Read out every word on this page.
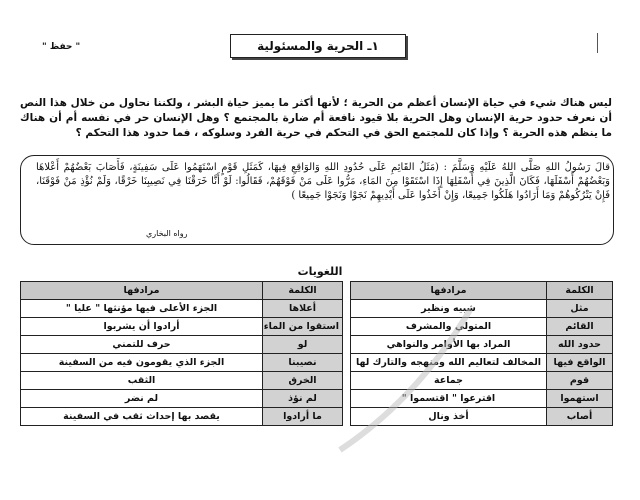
" حفظ "	١ـ الحرية والمسئولية
ليس هناك شيء في حياة الإنسان أعظم من الحرية ؛ لأنها أكثر ما يميز حياة البشر ، ولكننا نحاول من خلال هذا النص أن نعرف حدود حرية الإنسان وهل الحرية بلا قيود نافعة أم ضارة بالمجتمع ؟ وهل الإنسان حر في نفسه أم أن هناك ما ينظم هذه الحرية ؟ وإذا كان للمجتمع الحق في التحكم في حرية الفرد وسلوكه ، فما حدود هذا التحكم ؟
قالَ رَسُولُ اللهِ صَلَّى اللهُ عَلَيْهِ وَسَلَّمَ : (مَثَلُ القَائِمِ عَلَى حُدُودِ اللهِ وَالوَاقِعِ فِيهَا، كَمَثَلِ قَوْمٍ اسْتَهَمُوا عَلَى سَفِينَةٍ، فَأَصَابَ بَعْضُهُمْ أَعْلاهَا وَبَعْضُهُمْ أَسْفَلَهَا، فَكَانَ الَّذِينَ فِي أَسْفَلِهَا إِذَا اسْتَقَوْا مِنَ المَاءِ، مَرُّوا عَلَى مَنْ فَوْقَهُمْ، فَقَالُوا: لَوْ أَنَّا خَرَقْنَا فِي نَصِيبِنَا خَرْقًا، وَلَمْ نُؤْذِ مَنْ فَوْقَنَا، فَإِنْ يَتْرُكُوهُمْ وَمَا أَرَادُوا هَلَكُوا جَمِيعًا، وَإِنْ أَخَذُوا عَلَى أَيْدِيهِمْ نَجَوْا وَنَجَوْا جَمِيعًا )
رواه البخاري
اللغويات
الكلمة	مرادفها		الكلمة	مرادفها
مثل	شبيه ونظير		أعلاها	الجزء الأعلى فيها مؤنثها " عليا "
القائم	المتولي والمشرف		استقوا من الماء	أرادوا أن يشربوا
حدود الله	المراد بها الأوامر والنواهي		لو	حرف للتمني
الواقع فيها	المخالف لتعاليم الله ومنهجه والتارك لها		نصيبنا	الجزء الذي يقومون فيه من السفينة
قوم	جماعة		الخرق	الثقب
استهموا	اقترعوا " اقتسموا "		لم نؤذ	لم نضر
أصاب	أخذ ونال		ما أرادوا	يقصد بها إحداث ثقب في السفينة
